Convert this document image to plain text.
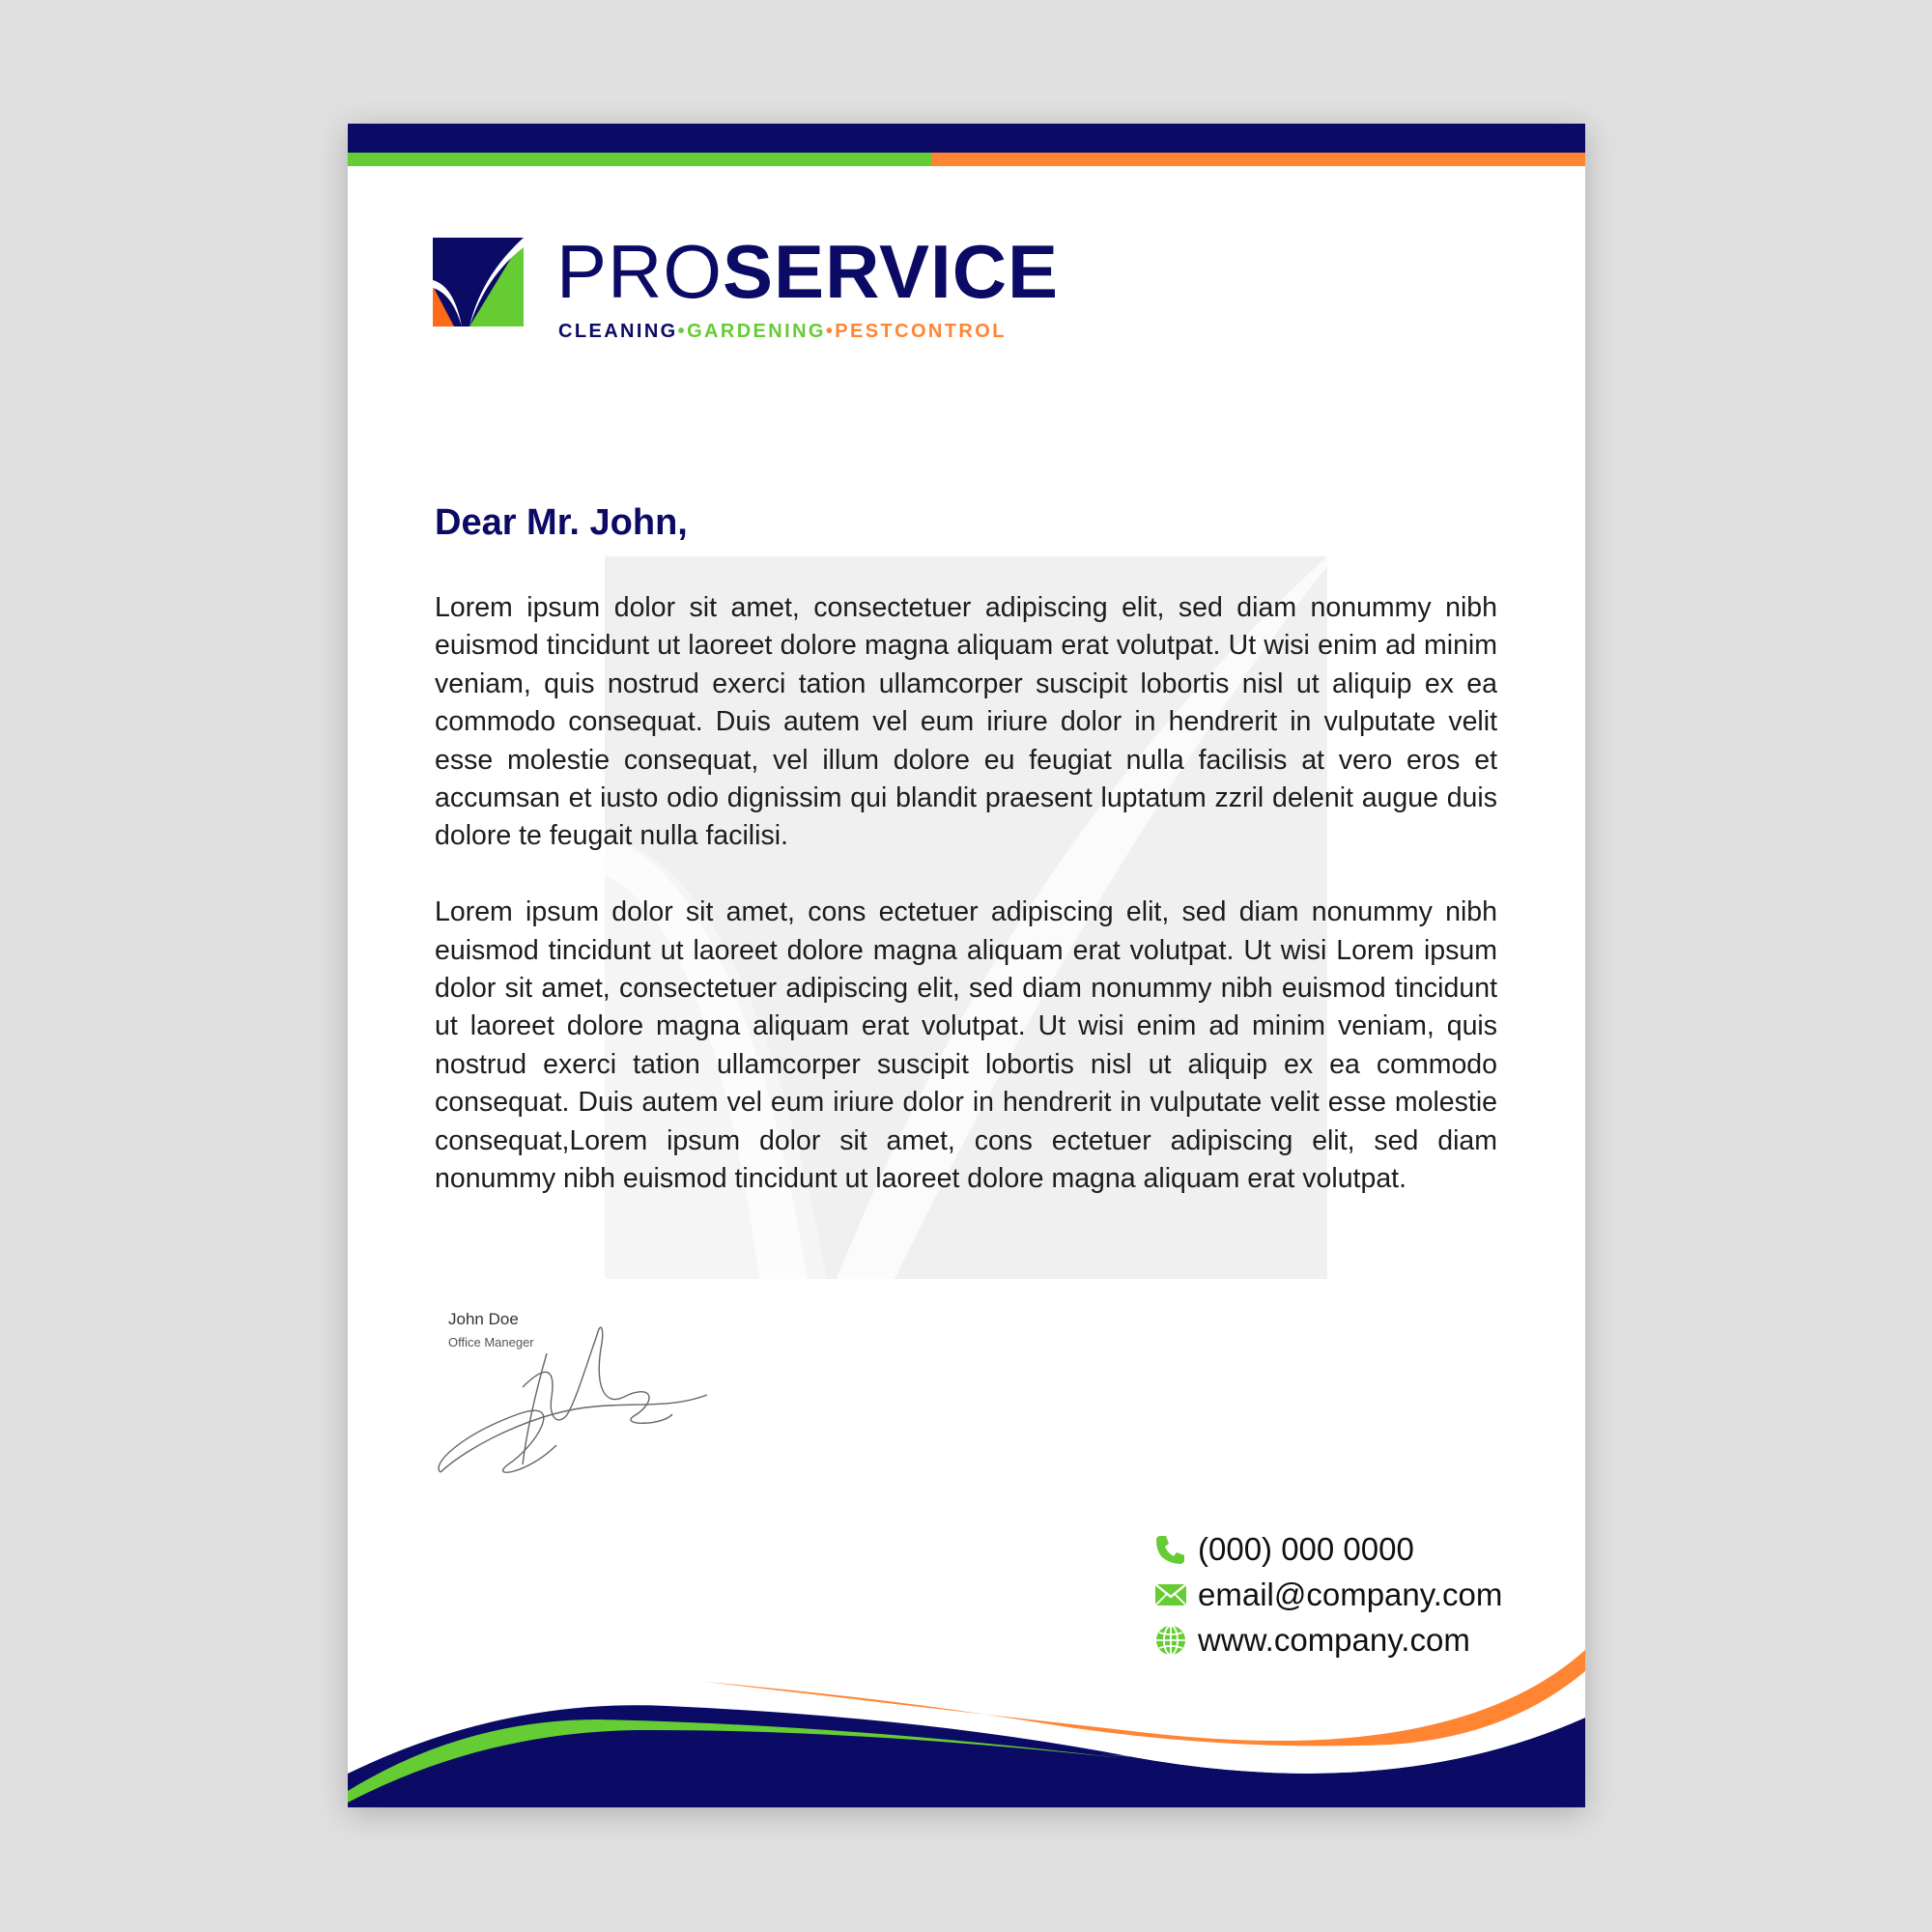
PROSERVICE
CLEANING•GARDENING•PESTCONTROL
Dear Mr. John,

Lorem ipsum dolor sit amet, consectetuer adipiscing elit, sed diam nonummy nibh euismod tincidunt ut laoreet dolore magna aliquam erat volutpat. Ut wisi enim ad minim veniam, quis nostrud exerci tation ullamcorper suscipit lobortis nisl ut aliquip ex ea commodo consequat. Duis autem vel eum iriure dolor in hendrerit in vulputate velit esse molestie consequat, vel illum dolore eu feugiat nulla facilisis at vero eros et accumsan et iusto odio dignissim qui blandit praesent luptatum zzril delenit augue duis dolore te feugait nulla facilisi.

Lorem ipsum dolor sit amet, cons ectetuer adipiscing elit, sed diam nonummy nibh euismod tincidunt ut laoreet dolore magna aliquam erat volutpat. Ut wisi Lorem ipsum dolor sit amet, consectetuer adipiscing elit, sed diam nonummy nibh euismod tincidunt ut laoreet dolore magna aliquam erat volutpat. Ut wisi enim ad minim veniam, quis nostrud exerci tation ullamcorper suscipit lobortis nisl ut aliquip ex ea commodo consequat. Duis autem vel eum iriure dolor in hendrerit in vulputate velit esse molestie consequat,Lorem ipsum dolor sit amet, cons ectetuer adipiscing elit, sed diam nonummy nibh euismod tincidunt ut laoreet dolore magna aliquam erat volutpat.

John Doe
Office Maneger
(000) 000 0000
email@company.com
www.company.com
